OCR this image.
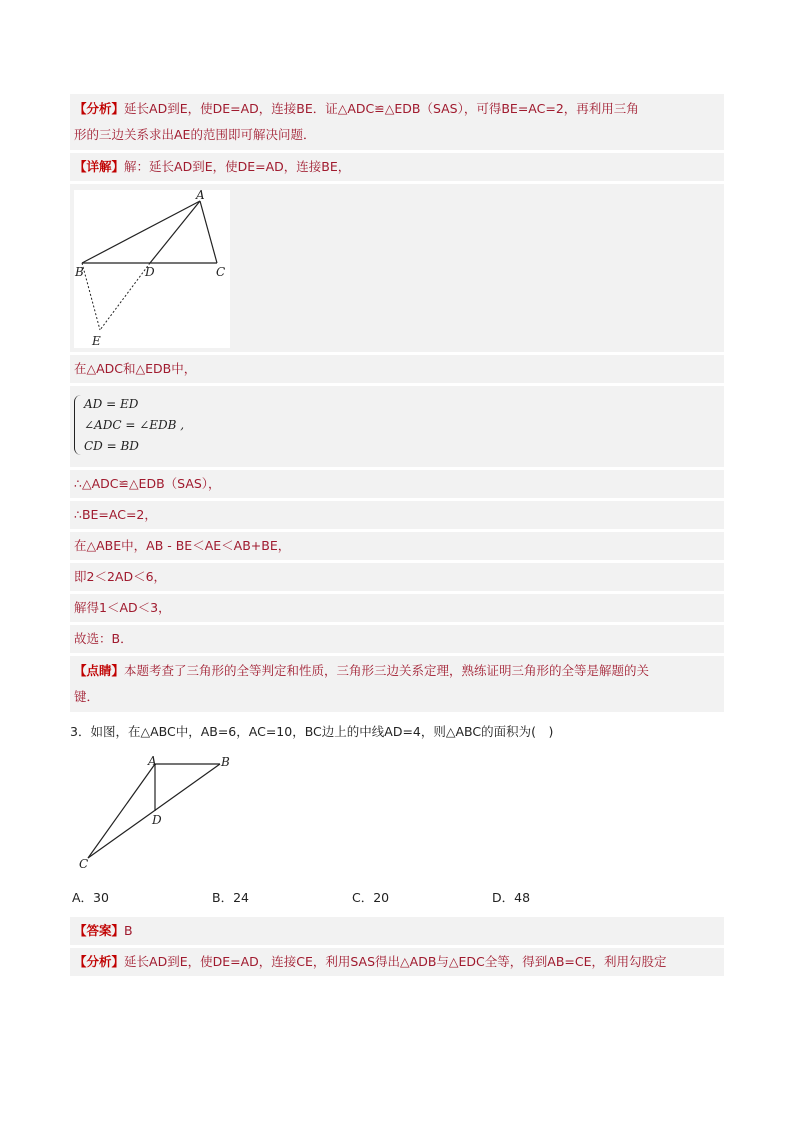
【分析】延长AD到E，使DE=AD，连接BE．证△ADC≌△EDB（SAS），可得BE=AC=2，再利用三角
形的三边关系求出AE的范围即可解决问题．
【详解】解：延长AD到E，使DE=AD，连接BE，
A
B	C
D
E
在△ADC和△EDB中，
AD = ED
∠ADC = ∠EDB ,
CD = BD
∴△ADC≌△EDB（SAS），
∴BE=AC=2，
在△ABE中，AB - BE＜AE＜AB+BE，
即2＜2AD＜6，
解得1＜AD＜3，
故选：B．
【点睛】本题考查了三角形的全等判定和性质，三角形三边关系定理，熟练证明三角形的全等是解题的关
键．
3．如图，在△ABC中，AB=6，AC=10，BC边上的中线AD=4，则△ABC的面积为(　)
A	B
D
C
A．30	B．24	C．20	D．48
【答案】B
【分析】延长AD到E，使DE=AD，连接CE，利用SAS得出△ADB与△EDC全等，得到AB=CE，利用勾股定
